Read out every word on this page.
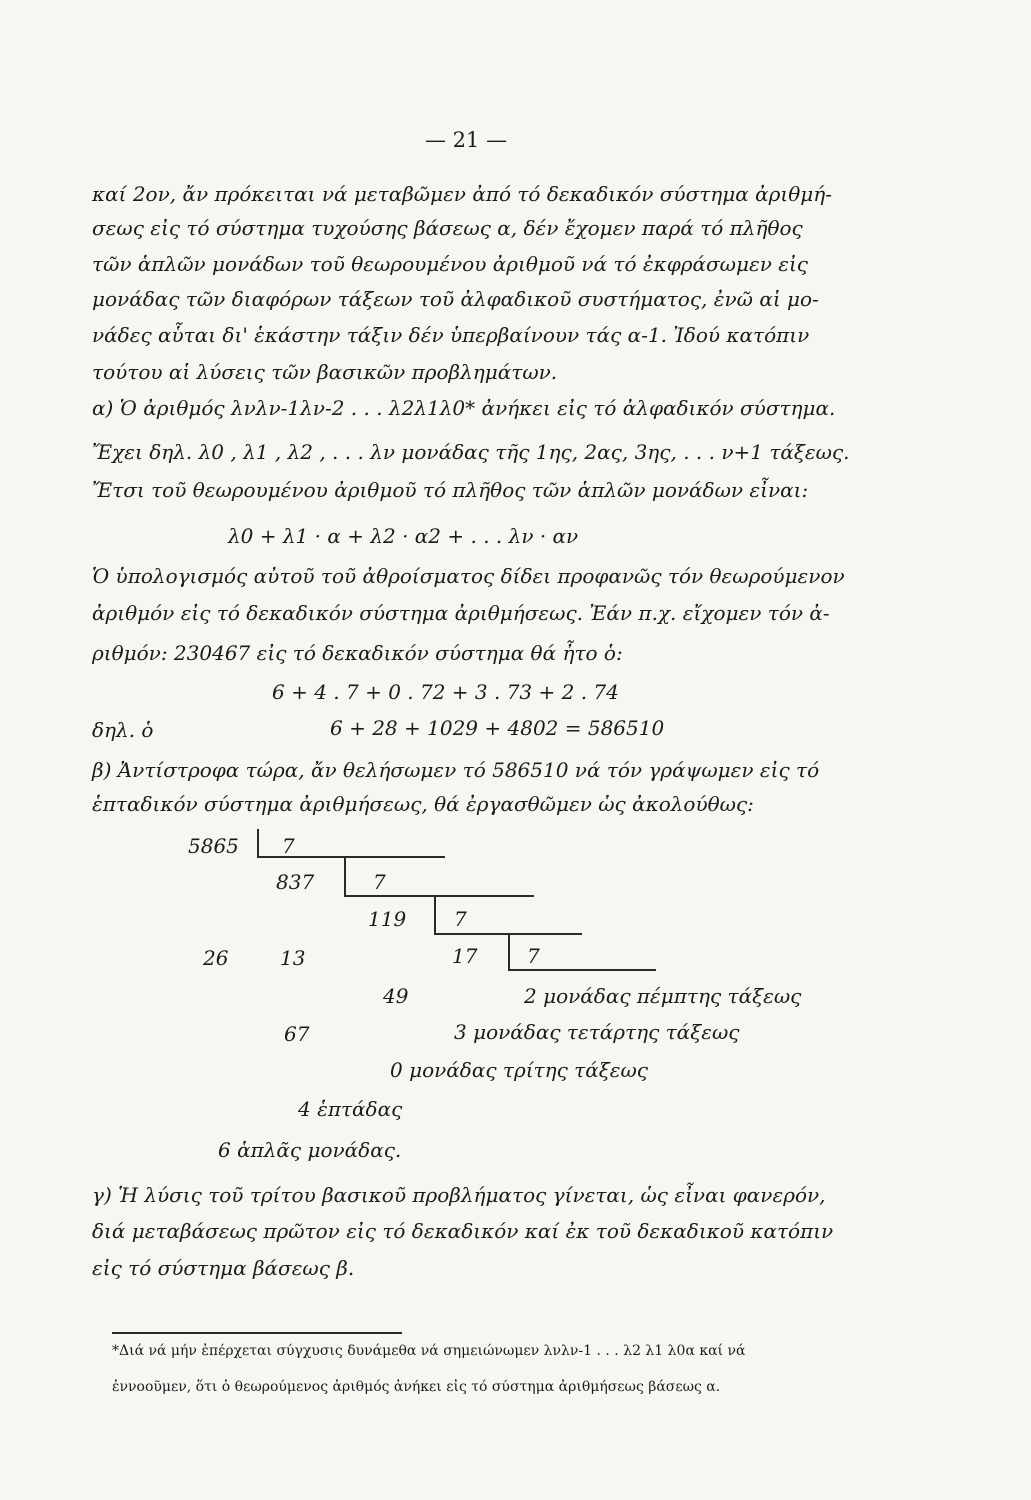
— 21 —
καί 2ον, ἄν πρόκειται νά μεταβῶμεν ἀπό τό δεκαδικόν σύστημα ἀριθμή-
σεως εἰς τό σύστημα τυχούσης βάσεως α, δέν ἔχομεν παρά τό πλῆθος
τῶν ἁπλῶν μονάδων τοῦ θεωρουμένου ἀριθμοῦ νά τό ἐκφράσωμεν εἰς
μονάδας τῶν διαφόρων τάξεων τοῦ ἀλφαδικοῦ συστήματος, ἐνῶ αἱ μο-
νάδες αὗται δι' ἑκάστην τάξιν δέν ὑπερβαίνουν τάς α-1. Ἰδού κατόπιν
τούτου αἱ λύσεις τῶν βασικῶν προβλημάτων.
α) Ὁ ἀριθμός λνλν-1λν-2 . . . λ2λ1λ0* ἀνήκει εἰς τό ἀλφαδικόν σύστημα.
Ἔχει δηλ. λ0 , λ1 , λ2 , . . . λν μονάδας τῆς 1ης, 2ας, 3ης, . . . ν+1 τάξεως.
Ἔτσι τοῦ θεωρουμένου ἀριθμοῦ τό πλῆθος τῶν ἁπλῶν μονάδων εἶναι:
λ0 + λ1 · α + λ2 · α2 + . . . λν · αν
Ὁ ὑπολογισμός αὐτοῦ τοῦ ἀθροίσματος δίδει προφανῶς τόν θεωρούμενον
ἀριθμόν εἰς τό δεκαδικόν σύστημα ἀριθμήσεως. Ἐάν π.χ. εἴχομεν τόν ἀ-
ριθμόν: 230467 εἰς τό δεκαδικόν σύστημα θά ἦτο ὁ:
6 + 4 . 7 + 0 . 72 + 3 . 73 + 2 . 74
δηλ. ὁ	6 + 28 + 1029 + 4802 = 586510
β) Ἀντίστροφα τώρα, ἄν θελήσωμεν τό 586510 νά τόν γράψωμεν εἰς τό
ἑπταδικόν σύστημα ἀριθμήσεως, θά ἐργασθῶμεν ὡς ἀκολούθως:
5865 7
837	7
119 7
26	13	17 7
49	2 μονάδας πέμπτης τάξεως
67	3 μονάδας τετάρτης τάξεως
0 μονάδας τρίτης τάξεως
4 ἑπτάδας
6 ἁπλᾶς μονάδας.
γ) Ἡ λύσις τοῦ τρίτου βασικοῦ προβλήματος γίνεται, ὡς εἶναι φανερόν,
διά μεταβάσεως πρῶτον εἰς τό δεκαδικόν καί ἐκ τοῦ δεκαδικοῦ κατόπιν
εἰς τό σύστημα βάσεως β.
*Διά νά μήν ἐπέρχεται σύγχυσις δυνάμεθα νά σημειώνωμεν λνλν-1 . . . λ2 λ1 λ0α καί νά
ἐννοοῦμεν, ὅτι ὁ θεωρούμενος ἀριθμός ἀνήκει εἰς τό σύστημα ἀριθμήσεως βάσεως α.
